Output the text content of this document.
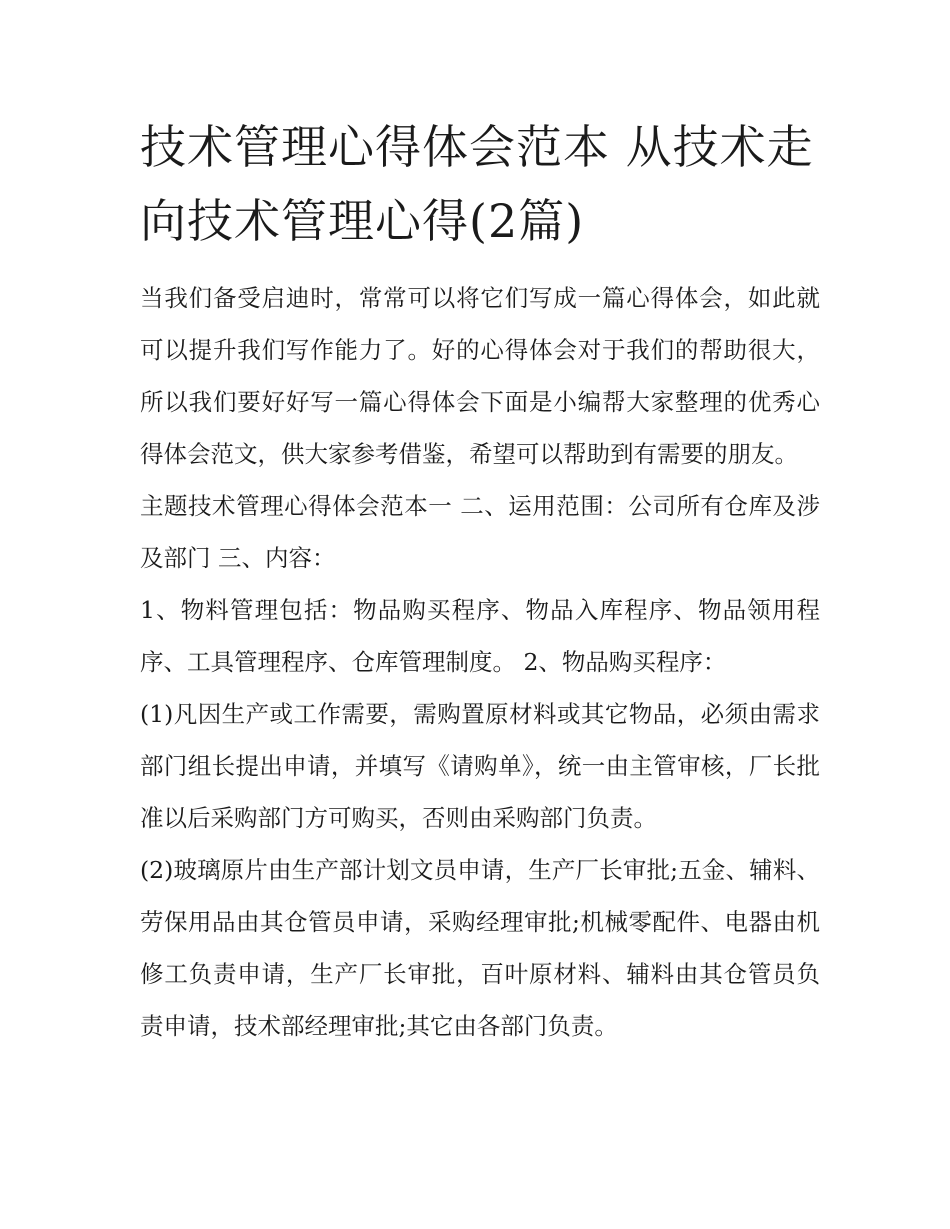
技术管理心得体会范本 从技术走向技术管理心得(2篇)

当我们备受启迪时，常常可以将它们写成一篇心得体会，如此就可以提升我们写作能力了。好的心得体会对于我们的帮助很大，所以我们要好好写一篇心得体会下面是小编帮大家整理的优秀心得体会范文，供大家参考借鉴，希望可以帮助到有需要的朋友。

主题技术管理心得体会范本一 二、运用范围：公司所有仓库及涉及部门 三、内容：

1、物料管理包括：物品购买程序、物品入库程序、物品领用程序、工具管理程序、仓库管理制度。 2、物品购买程序：

(1)凡因生产或工作需要，需购置原材料或其它物品，必须由需求部门组长提出申请，并填写《请购单》，统一由主管审核，厂长批准以后采购部门方可购买，否则由采购部门负责。

(2)玻璃原片由生产部计划文员申请，生产厂长审批;五金、辅料、劳保用品由其仓管员申请，采购经理审批;机械零配件、电器由机修工负责申请，生产厂长审批，百叶原材料、辅料由其仓管员负责申请，技术部经理审批;其它由各部门负责。
